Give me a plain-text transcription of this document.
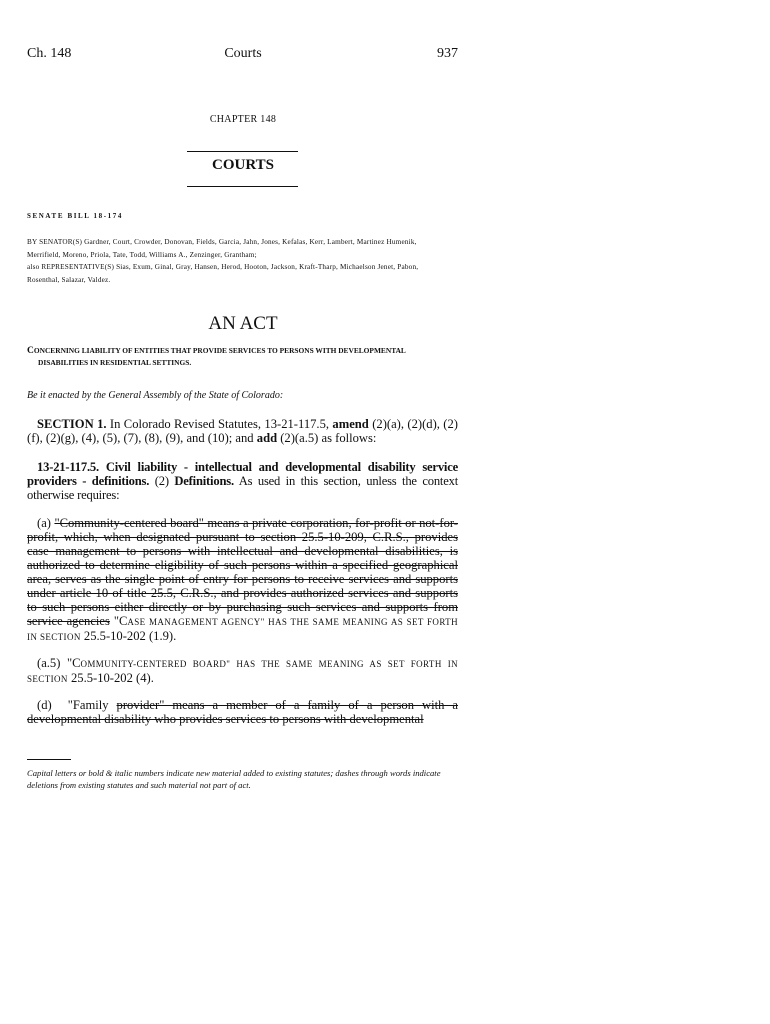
Ch. 148	Courts	937
CHAPTER 148
COURTS
SENATE BILL 18-174
BY SENATOR(S) Gardner, Court, Crowder, Donovan, Fields, Garcia, Jahn, Jones, Kefalas, Kerr, Lambert, Martinez Humenik,
Merrifield, Moreno, Priola, Tate, Todd, Williams A., Zenzinger, Grantham;
also REPRESENTATIVE(S) Sias, Exum, Ginal, Gray, Hansen, Herod, Hooton, Jackson, Kraft-Tharp, Michaelson Jenet, Pabon,
Rosenthal, Salazar, Valdez.
AN ACT
CONCERNING LIABILITY OF ENTITIES THAT PROVIDE SERVICES TO PERSONS WITH DEVELOPMENTAL
DISABILITIES IN RESIDENTIAL SETTINGS.
Be it enacted by the General Assembly of the State of Colorado:

SECTION 1. In Colorado Revised Statutes, 13-21-117.5, amend (2)(a), (2)(d), (2)(f), (2)(g), (4), (5), (7), (8), (9), and (10); and add (2)(a.5) as follows:

13-21-117.5. Civil liability - intellectual and developmental disability service providers - definitions. (2) Definitions. As used in this section, unless the context otherwise requires:

(a) "Community-centered board" means a private corporation, for-profit or not-for-profit, which, when designated pursuant to section 25.5-10-209, C.R.S., provides case management to persons with intellectual and developmental disabilities, is authorized to determine eligibility of such persons within a specified geographical area, serves as the single point of entry for persons to receive services and supports under article 10 of title 25.5, C.R.S., and provides authorized services and supports to such persons either directly or by purchasing such services and supports from service agencies "CASE MANAGEMENT AGENCY" HAS THE SAME MEANING AS SET FORTH IN SECTION 25.5-10-202 (1.9).

(a.5) "COMMUNITY-CENTERED BOARD" HAS THE SAME MEANING AS SET FORTH IN SECTION 25.5-10-202 (4).

(d) "Family provider" means a member of a family of a person with a developmental disability who provides services to persons with developmental

Capital letters or bold & italic numbers indicate new material added to existing statutes; dashes through words indicate deletions from existing statutes and such material not part of act.
